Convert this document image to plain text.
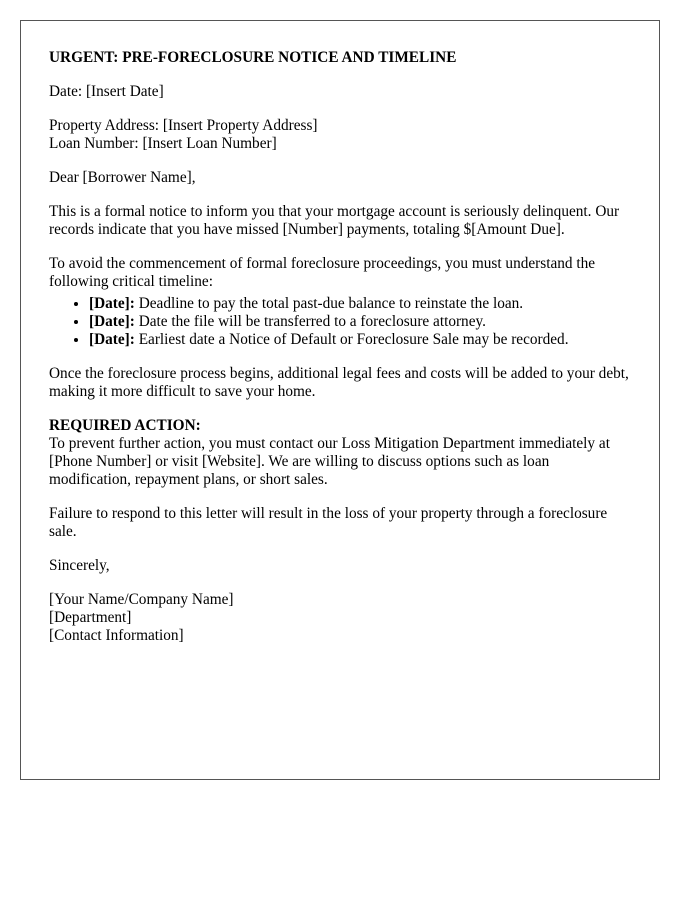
URGENT: PRE-FORECLOSURE NOTICE AND TIMELINE

Date: [Insert Date]

Property Address: [Insert Property Address]
Loan Number: [Insert Loan Number]

Dear [Borrower Name],

This is a formal notice to inform you that your mortgage account is seriously delinquent. Our records indicate that you have missed [Number] payments, totaling $[Amount Due].

To avoid the commencement of formal foreclosure proceedings, you must understand the following critical timeline:

• [Date]: Deadline to pay the total past-due balance to reinstate the loan.
• [Date]: Date the file will be transferred to a foreclosure attorney.
• [Date]: Earliest date a Notice of Default or Foreclosure Sale may be recorded.

Once the foreclosure process begins, additional legal fees and costs will be added to your debt, making it more difficult to save your home.

REQUIRED ACTION:
To prevent further action, you must contact our Loss Mitigation Department immediately at [Phone Number] or visit [Website]. We are willing to discuss options such as loan modification, repayment plans, or short sales.

Failure to respond to this letter will result in the loss of your property through a foreclosure sale.

Sincerely,

[Your Name/Company Name]
[Department]
[Contact Information]
